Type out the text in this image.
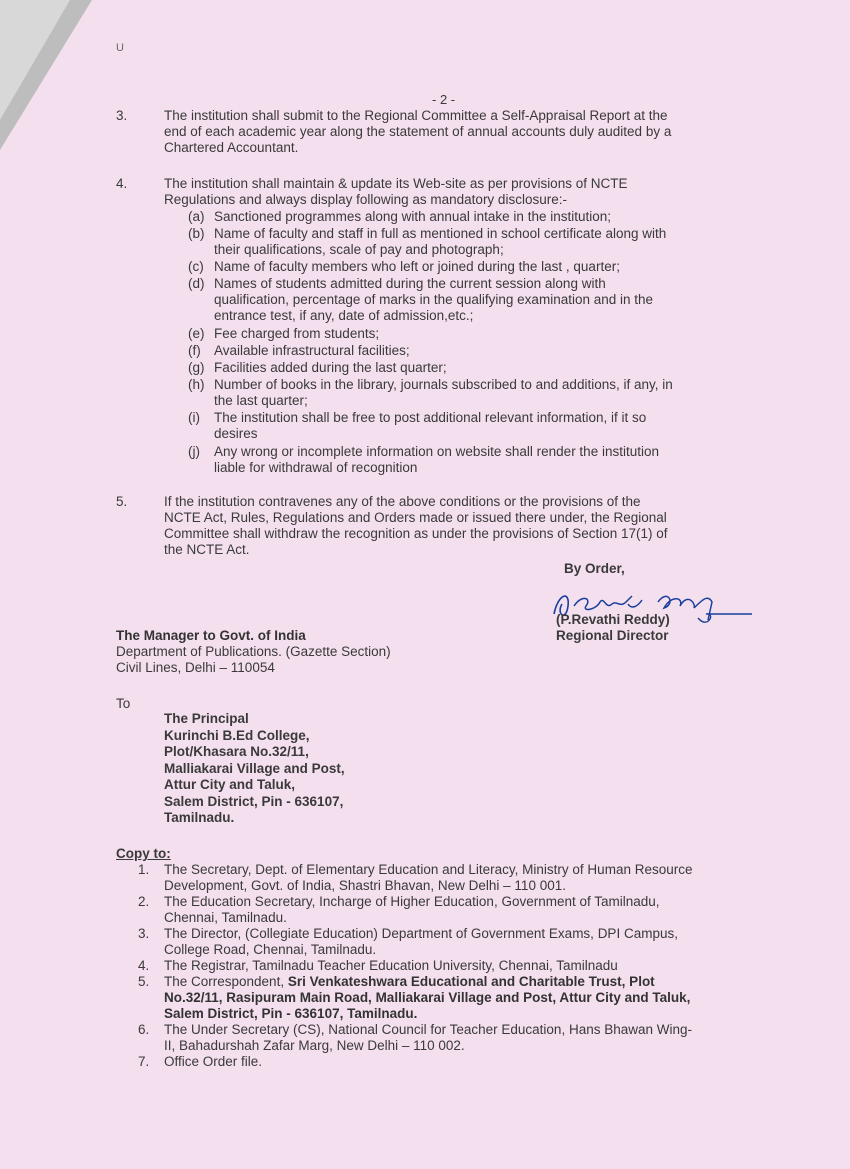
U
- 2 -
3.	The institution shall submit to the Regional Committee a Self-Appraisal Report at the
end of each academic year along the statement of annual accounts duly audited by a
Chartered Accountant.
4.	The institution shall maintain & update its Web-site as per provisions of NCTE
Regulations and always display following as mandatory disclosure:-
(a) Sanctioned programmes along with annual intake in the institution;
(b) Name of faculty and staff in full as mentioned in school certificate along with
their qualifications, scale of pay and photograph;
(c) Name of faculty members who left or joined during the last , quarter;
(d) Names of students admitted during the current session along with
qualification, percentage of marks in the qualifying examination and in the
entrance test, if any, date of admission,etc.;
(e) Fee charged from students;
(f) Available infrastructural facilities;
(g) Facilities added during the last quarter;
(h) Number of books in the library, journals subscribed to and additions, if any, in
the last quarter;
(i) The institution shall be free to post additional relevant information, if it so
desires
(j) Any wrong or incomplete information on website shall render the institution
liable for withdrawal of recognition
5.	If the institution contravenes any of the above conditions or the provisions of the
NCTE Act, Rules, Regulations and Orders made or issued there under, the Regional
Committee shall withdraw the recognition as under the provisions of Section 17(1) of
the NCTE Act.
By Order,
(P.Revathi Reddy)
Regional Director
The Manager to Govt. of India
Department of Publications. (Gazette Section)
Civil Lines, Delhi – 110054
To
The Principal
Kurinchi B.Ed College,
Plot/Khasara No.32/11,
Malliakarai Village and Post,
Attur City and Taluk,
Salem District, Pin - 636107,
Tamilnadu.
Copy to:
1. The Secretary, Dept. of Elementary Education and Literacy, Ministry of Human Resource
Development, Govt. of India, Shastri Bhavan, New Delhi – 110 001.
2. The Education Secretary, Incharge of Higher Education, Government of Tamilnadu,
Chennai, Tamilnadu.
3. The Director, (Collegiate Education) Department of Government Exams, DPI Campus,
College Road, Chennai, Tamilnadu.
4. The Registrar, Tamilnadu Teacher Education University, Chennai, Tamilnadu
5. The Correspondent, Sri Venkateshwara Educational and Charitable Trust, Plot
No.32/11, Rasipuram Main Road, Malliakarai Village and Post, Attur City and Taluk,
Salem District, Pin - 636107, Tamilnadu.
6. The Under Secretary (CS), National Council for Teacher Education, Hans Bhawan Wing-
II, Bahadurshah Zafar Marg, New Delhi – 110 002.
7. Office Order file.
